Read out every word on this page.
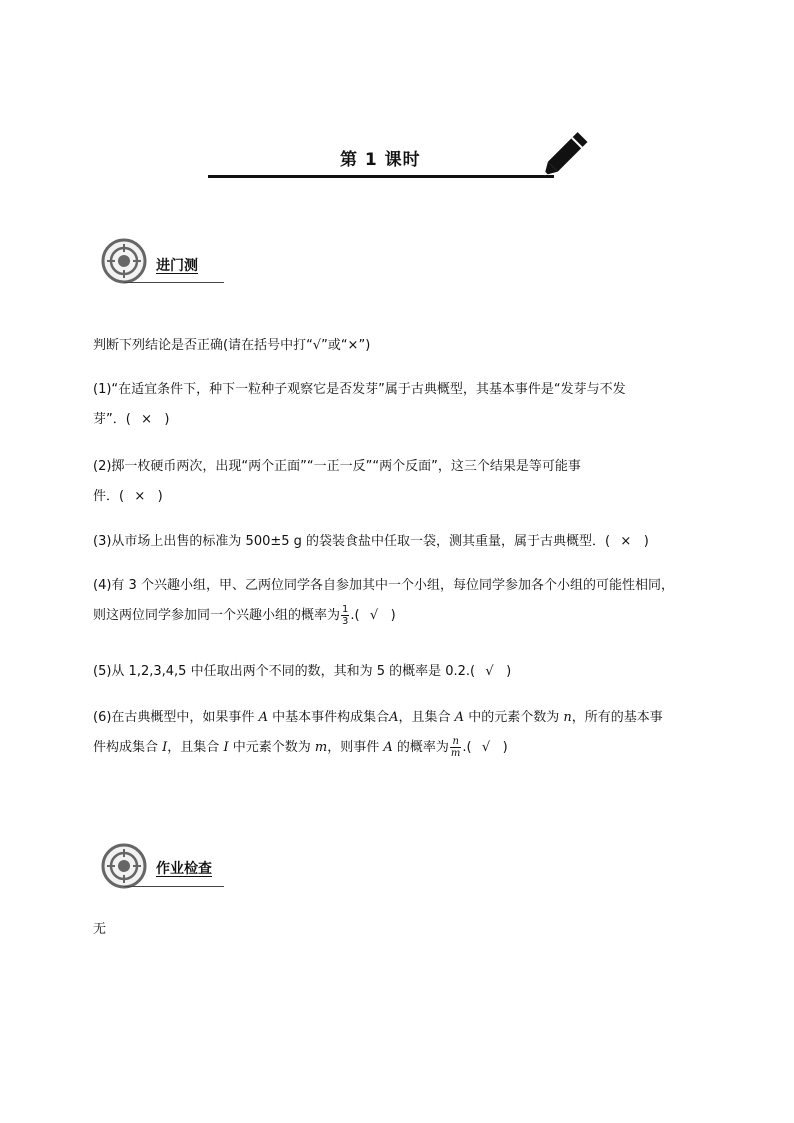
第 1 课时
进门测
判断下列结论是否正确(请在括号中打“√”或“×”)
(1)“在适宜条件下，种下一粒种子观察它是否发芽”属于古典概型，其基本事件是“发芽与不发
芽”．( × )
(2)掷一枚硬币两次，出现“两个正面”“一正一反”“两个反面”，这三个结果是等可能事
件．( × )
(3)从市场上出售的标准为 500±5 g 的袋装食盐中任取一袋，测其重量，属于古典概型．( × )
(4)有 3 个兴趣小组，甲、乙两位同学各自参加其中一个小组，每位同学参加各个小组的可能性相同，
则这两位同学参加同一个兴趣小组的概率为 $\frac{1}{3}$ .( √ )
(5)从 1,2,3,4,5 中任取出两个不同的数，其和为 5 的概率是 0.2.( √ )
(6)在古典概型中，如果事件 A 中基本事件构成集合A，且集合 A 中的元素个数为 n，所有的基本事
件构成集合 I，且集合 I 中元素个数为 m，则事件 A 的概率为 $\frac{n}{m}$ .( √ )
作业检查
无
